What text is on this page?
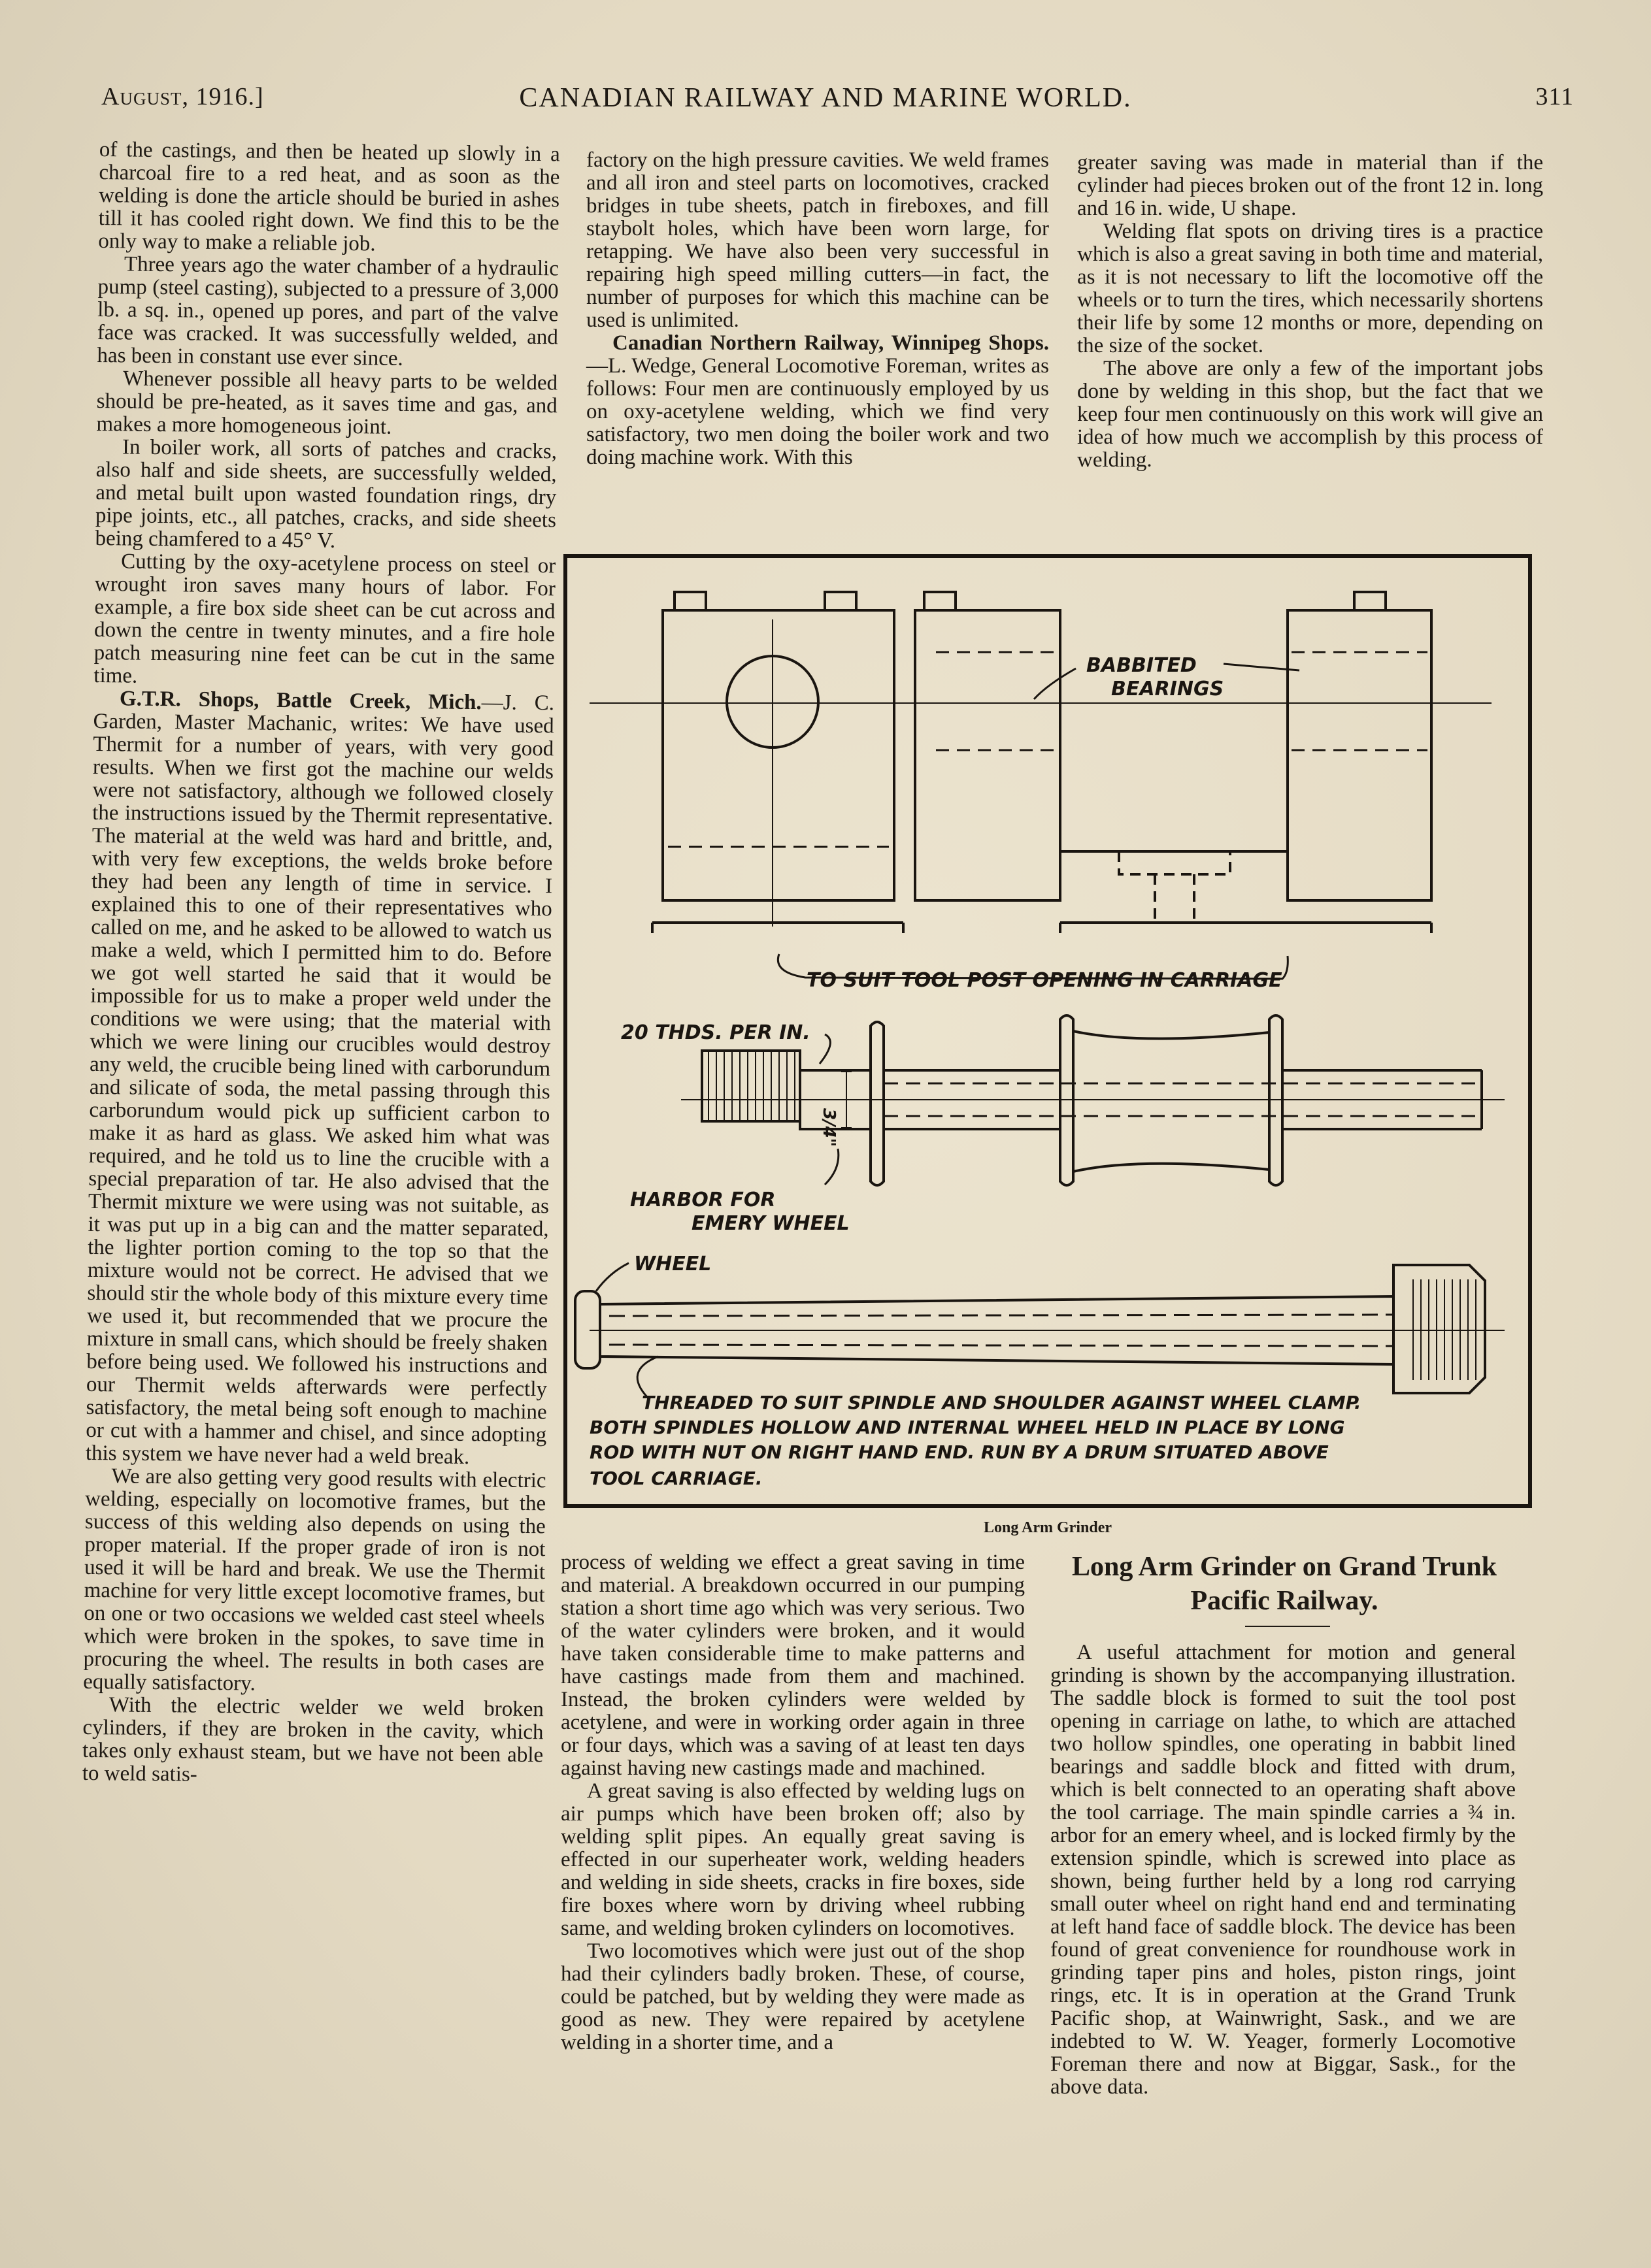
CANADIAN RAILWAY AND MARINE WORLD.
August, 1916.]	311

of the castings, and then be heated up slowly in a charcoal fire to a red heat, and as soon as the welding is done the article should be buried in ashes till it has cooled right down. We find this to be the only way to make a reliable job.

Three years ago the water chamber of a hydraulic pump (steel casting), subjected to a pressure of 3,000 lb. a sq. in., opened up pores, and part of the valve face was cracked. It was successfully welded, and has been in constant use ever since.

Whenever possible all heavy parts to be welded should be pre-heated, as it saves time and gas, and makes a more homogeneous joint.

In boiler work, all sorts of patches and cracks, also half and side sheets, are successfully welded, and metal built upon wasted foundation rings, dry pipe joints, etc., all patches, cracks, and side sheets being chamfered to a 45° V.

Cutting by the oxy-acetylene process on steel or wrought iron saves many hours of labor. For example, a fire box side sheet can be cut across and down the centre in twenty minutes, and a fire hole patch measuring nine feet can be cut in the same time.

G.T.R. Shops, Battle Creek, Mich.—J. C. Garden, Master Machanic, writes: We have used Thermit for a number of years, with very good results. When we first got the machine our welds were not satisfactory, although we followed closely the instructions issued by the Thermit representative. The material at the weld was hard and brittle, and, with very few exceptions, the welds broke before they had been any length of time in service. I explained this to one of their representatives who called on me, and he asked to be allowed to watch us make a weld, which I permitted him to do. Before we got well started he said that it would be impossible for us to make a proper weld under the conditions we were using; that the material with which we were lining our crucibles would destroy any weld, the crucible being lined with carborundum and silicate of soda, the metal passing through this carborundum would pick up sufficient carbon to make it as hard as glass. We asked him what was required, and he told us to line the crucible with a special preparation of tar. He also advised that the Thermit mixture we were using was not suitable, as it was put up in a big can and the matter separated, the lighter portion coming to the top so that the mixture would not be correct. He advised that we should stir the whole body of this mixture every time we used it, but recommended that we procure the mixture in small cans, which should be freely shaken before being used. We followed his instructions and our Thermit welds afterwards were perfectly satisfactory, the metal being soft enough to machine or cut with a hammer and chisel, and since adopting this system we have never had a weld break.

We are also getting very good results with electric welding, especially on locomotive frames, but the success of this welding also depends on using the proper material. If the proper grade of iron is not used it will be hard and break. We use the Thermit machine for very little except locomotive frames, but on one or two occasions we welded cast steel wheels which were broken in the spokes, to save time in procuring the wheel. The results in both cases are equally satisfactory.

With the electric welder we weld broken cylinders, if they are broken in the cavity, which takes only exhaust steam, but we have not been able to weld satis-

factory on the high pressure cavities. We weld frames and all iron and steel parts on locomotives, cracked bridges in tube sheets, patch in fireboxes, and fill staybolt holes, which have been worn large, for retapping. We have also been very successful in repairing high speed milling cutters—in fact, the number of purposes for which this machine can be used is unlimited.

Canadian Northern Railway, Winnipeg Shops.—L. Wedge, General Locomotive Foreman, writes as follows: Four men are continuously employed by us on oxy-acetylene welding, which we find very satisfactory, two men doing the boiler work and two doing machine work. With this

greater saving was made in material than if the cylinder had pieces broken out of the front 12 in. long and 16 in. wide, U shape.

Welding flat spots on driving tires is a practice which is also a great saving in both time and material, as it is not necessary to lift the locomotive off the wheels or to turn the tires, which necessarily shortens their life by some 12 months or more, depending on the size of the socket.

The above are only a few of the important jobs done by welding in this shop, but the fact that we keep four men continuously on this work will give an idea of how much we accomplish by this process of welding.

BABBITED
BEARINGS
TO SUIT TOOL POST OPENING IN CARRIAGE
20 THDS. PER IN.
3/4"
HARBOR FOR
EMERY WHEEL
WHEEL
THREADED TO SUIT SPINDLE AND SHOULDER AGAINST WHEEL CLAMP.
BOTH SPINDLES HOLLOW AND INTERNAL WHEEL HELD IN PLACE BY LONG
ROD WITH NUT ON RIGHT HAND END. RUN BY A DRUM SITUATED ABOVE
TOOL CARRIAGE.
Long Arm Grinder

process of welding we effect a great saving in time and material. A breakdown occurred in our pumping station a short time ago which was very serious. Two of the water cylinders were broken, and it would have taken considerable time to make patterns and have castings made from them and machined. Instead, the broken cylinders were welded by acetylene, and were in working order again in three or four days, which was a saving of at least ten days against having new castings made and machined.

A great saving is also effected by welding lugs on air pumps which have been broken off; also by welding split pipes. An equally great saving is effected in our superheater work, welding headers and welding in side sheets, cracks in fire boxes, side fire boxes where worn by driving wheel rubbing same, and welding broken cylinders on locomotives.

Two locomotives which were just out of the shop had their cylinders badly broken. These, of course, could be patched, but by welding they were made as good as new. They were repaired by acetylene welding in a shorter time, and a

Long Arm Grinder on Grand Trunk Pacific Railway.

A useful attachment for motion and general grinding is shown by the accompanying illustration. The saddle block is formed to suit the tool post opening in carriage on lathe, to which are attached two hollow spindles, one operating in babbit lined bearings and saddle block and fitted with drum, which is belt connected to an operating shaft above the tool carriage. The main spindle carries a ¾ in. arbor for an emery wheel, and is locked firmly by the extension spindle, which is screwed into place as shown, being further held by a long rod carrying small outer wheel on right hand end and terminating at left hand face of saddle block. The device has been found of great convenience for roundhouse work in grinding taper pins and holes, piston rings, joint rings, etc. It is in operation at the Grand Trunk Pacific shop, at Wainwright, Sask., and we are indebted to W. W. Yeager, formerly Locomotive Foreman there and now at Biggar, Sask., for the above data.
